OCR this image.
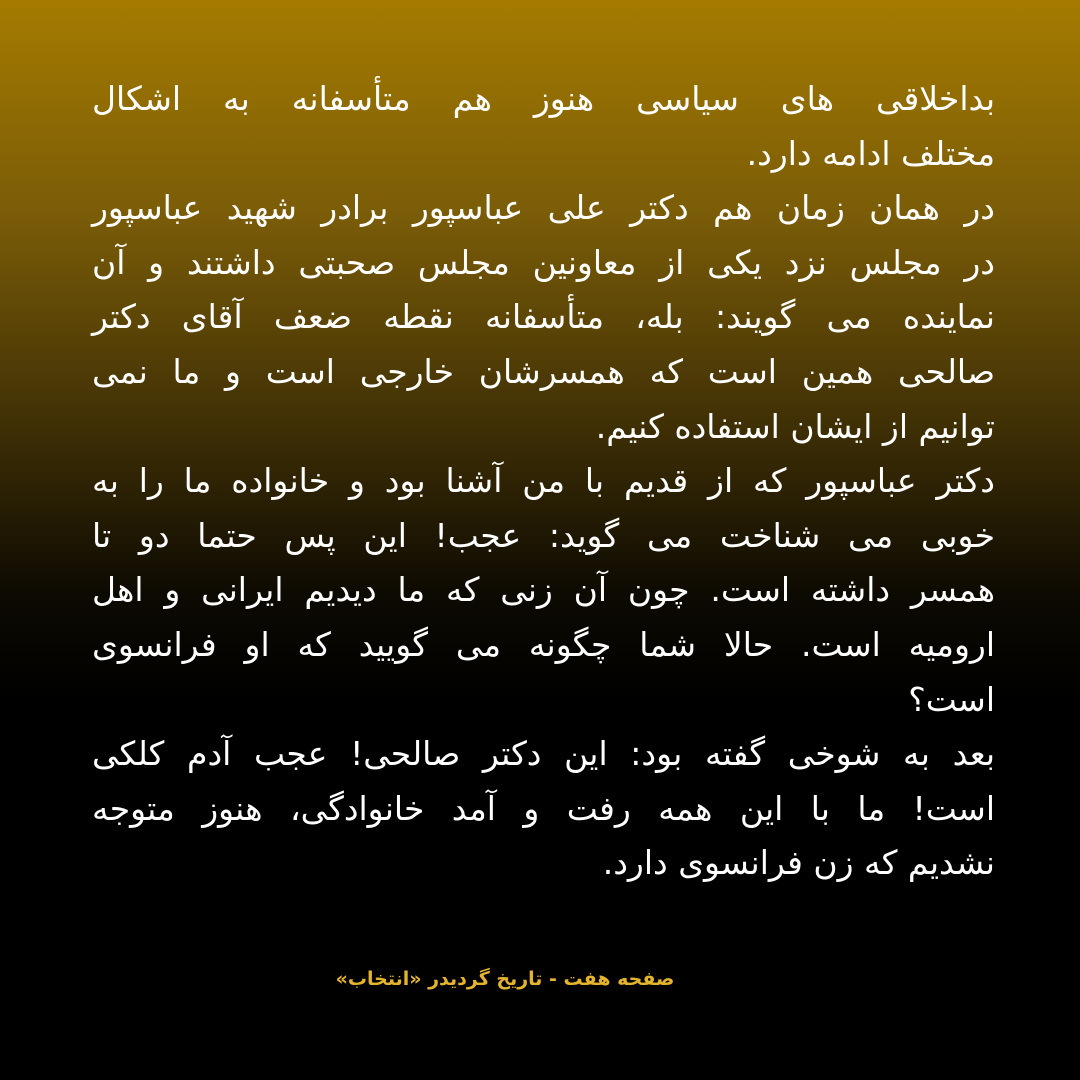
بداخلاقی های سیاسی هنوز هم متأسفانه به اشکال
مختلف ادامه دارد.
در همان زمان هم دکتر علی عباسپور برادر شهید عباسپور
در مجلس نزد یکی از معاونین مجلس صحبتی داشتند و آن
نماینده می گویند: بله، متأسفانه نقطه ضعف آقای دکتر
صالحی همین است که همسرشان خارجی است و ما نمی
توانیم از ایشان استفاده کنیم.
دکتر عباسپور که از قدیم با من آشنا بود و خانواده ما را به
خوبی می شناخت می گوید: عجب! این پس حتما دو تا
همسر داشته است. چون آن زنی که ما دیدیم ایرانی و اهل
ارومیه است. حالا شما چگونه می گویید که او فرانسوی
است؟
بعد به شوخی گفته بود: این دکتر صالحی! عجب آدم کلکی
است! ما با این همه رفت و آمد خانوادگی، هنوز متوجه
نشدیم که زن فرانسوی دارد.
صفحه هفت - تاریخ گردیدر «انتخاب»
